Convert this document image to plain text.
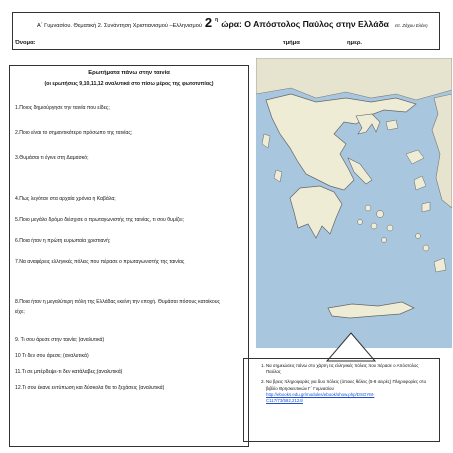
Α΄ Γυμνασίου. Θεματική 2. Συνάντηση Χριστιανισμού –Ελληνισμού 2 η ώρα: Ο Απόστολος Παύλος στην Ελλάδα επ. Ζάχου Ελένη
Όνομα:	τμήμα	ημερ.
Ερωτήματα πάνω στην ταινία
(οι ερωτήσεις 9,10,11,12 αναλυτικά στο πίσω μέρος της φωτοτυπίας)
1.Ποιος δημιούργησε την ταινία που είδες;
2.Ποιο είναι το σημαντικότερο πρόσωπο της ταινίας;
3.Θυμάσαι τι έγινε στη Δαμασκό;
4.Πως λεγόταν στα αρχαία χρόνια η Καβάλα;
5.Ποιο μεγάλο δρόμο διέσχισε ο πρωταγωνιστής της ταινίας, τι σου θυμίζει;
6.Ποια ήταν η πρώτη ευρωπαία χριστιανή;
7.Να αναφέρεις ελληνικές πόλεις που πέρασε ο πρωταγωνιστής της ταινίας
8.Ποια ήταν η μεγαλύτερη πόλη της Ελλάδας εκείνη την εποχή. Θυμάσαι πόσους κατοίκους
είχε;
9. Τι σου άρεσε στην ταινία; (αναλυτικά)
10 Τι δεν σου άρεσε; (αναλυτικά)
11.Τι σε μπέρδεψε-τι δεν κατάλαβες;(αναλυτικά)
12.Τι σου έκανε εντύπωση και δύσκολα θα το ξεχάσεις (αναλυτικά)
1. Να σημειώσεις πάνω στο χάρτη τις ελληνικές πόλεις που πέρασε ο Απόστολος Παύλος
2. Να βρεις πληροφορίες για δυο πόλεις (όποιες θέλεις (5-8 σειρές) Πληροφορίες στο βιβλίο Θρησκευτικών Γ΄ Γυμνασίου
http://ebooks.edu.gr/modules/ebook/show.php/DSGYM-
C117/73/592,2124/
